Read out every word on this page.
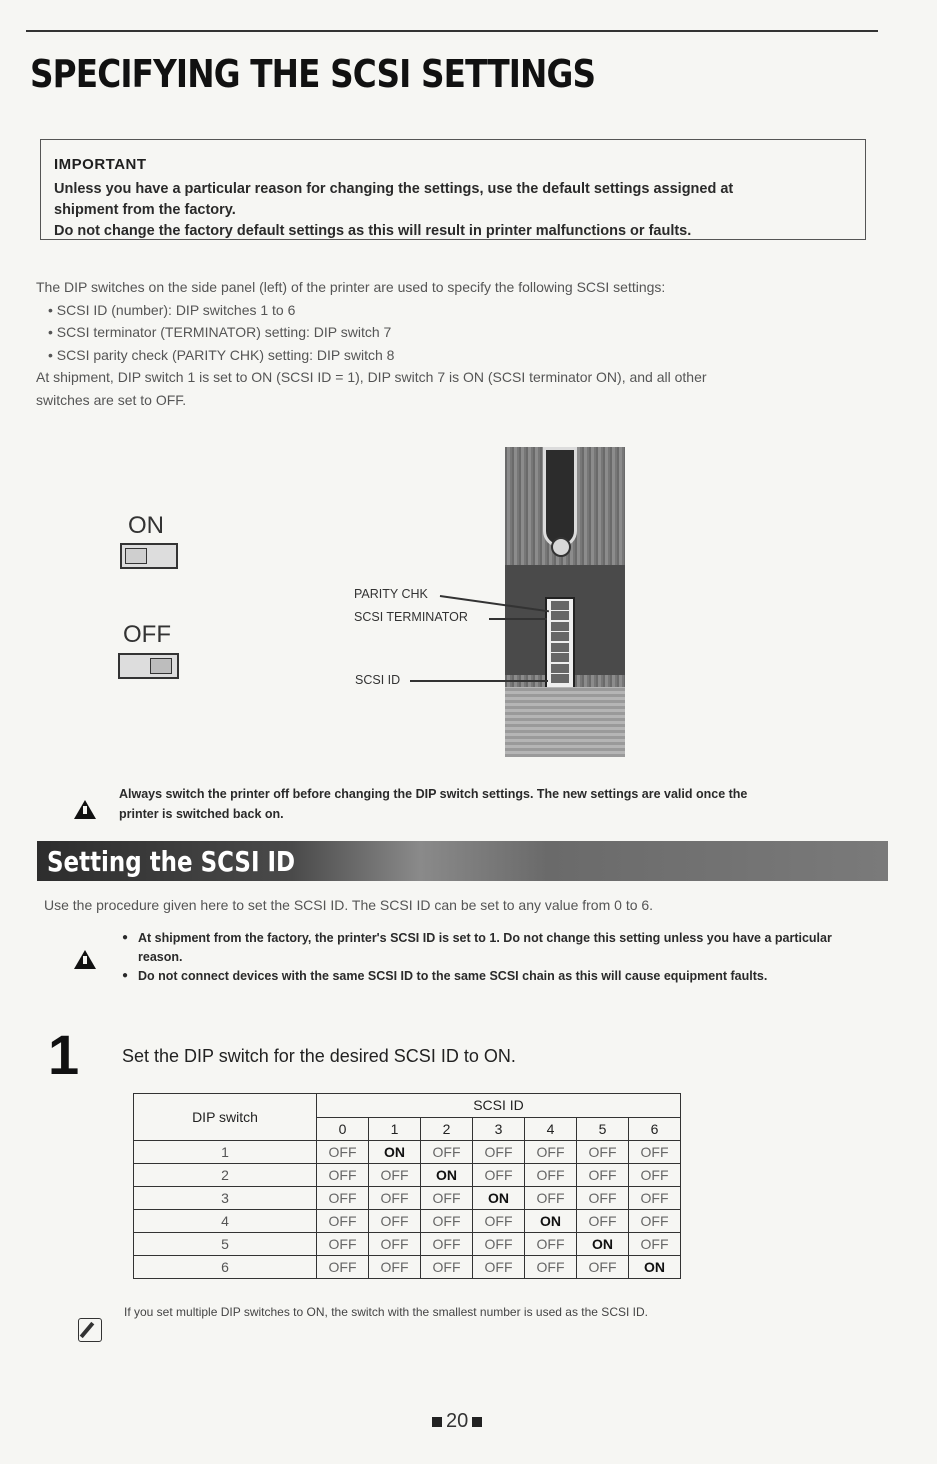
SPECIFYING THE SCSI SETTINGS
IMPORTANT
Unless you have a particular reason for changing the settings, use the default settings assigned at
shipment from the factory.
Do not change the factory default settings as this will result in printer malfunctions or faults.
The DIP switches on the side panel (left) of the printer are used to specify the following SCSI settings:
• SCSI ID (number): DIP switches 1 to 6
• SCSI terminator (TERMINATOR) setting: DIP switch 7
• SCSI parity check (PARITY CHK) setting: DIP switch 8
At shipment, DIP switch 1 is set to ON (SCSI ID = 1), DIP switch 7 is ON (SCSI terminator ON), and all other
switches are set to OFF.
ON
OFF
PARITY CHK
SCSI TERMINATOR
SCSI ID
Always switch the printer off before changing the DIP switch settings. The new settings are valid once the
printer is switched back on.
Setting the SCSI ID
Use the procedure given here to set the SCSI ID. The SCSI ID can be set to any value from 0 to 6.
● At shipment from the factory, the printer's SCSI ID is set to 1. Do not change this setting unless you have a particular reason.
● Do not connect devices with the same SCSI ID to the same SCSI chain as this will cause equipment faults.
1 Set the DIP switch for the desired SCSI ID to ON.
DIP switch	SCSI ID						
	0	1	2	3	4	5	6
1	OFF	ON	OFF	OFF	OFF	OFF	OFF
2	OFF	OFF	ON	OFF	OFF	OFF	OFF
3	OFF	OFF	OFF	ON	OFF	OFF	OFF
4	OFF	OFF	OFF	OFF	ON	OFF	OFF
5	OFF	OFF	OFF	OFF	OFF	ON	OFF
6	OFF	OFF	OFF	OFF	OFF	OFF	ON
If you set multiple DIP switches to ON, the switch with the smallest number is used as the SCSI ID.
20
